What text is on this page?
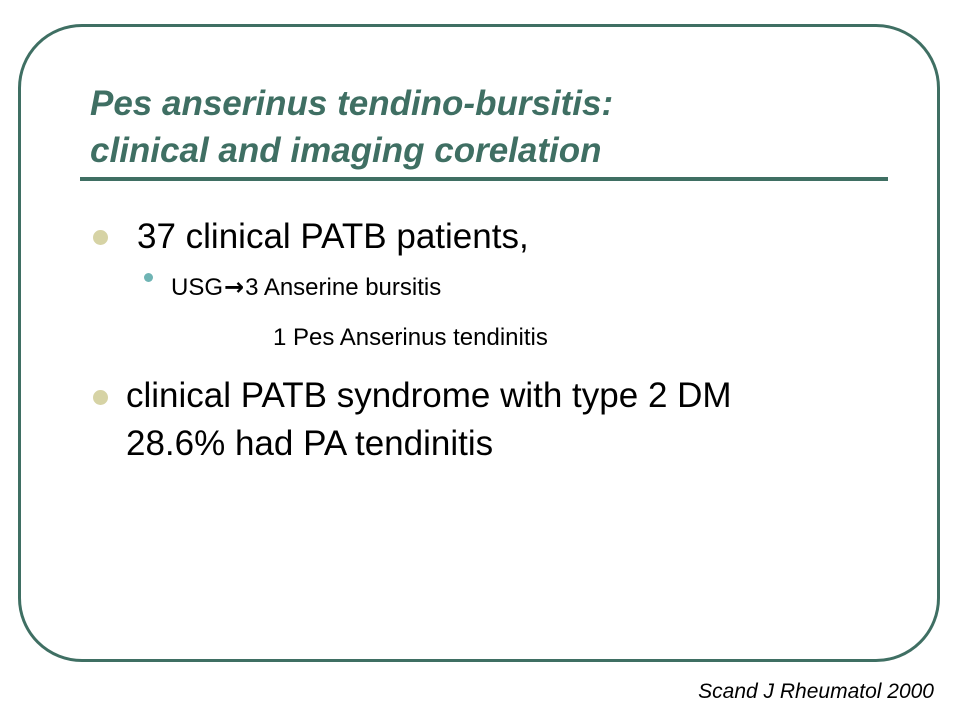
Pes anserinus tendino-bursitis:
clinical and imaging corelation
37 clinical PATB patients,
USG→3 Anserine bursitis
1 Pes Anserinus tendinitis
clinical PATB syndrome with type 2 DM
28.6% had PA tendinitis
Scand J Rheumatol 2000
